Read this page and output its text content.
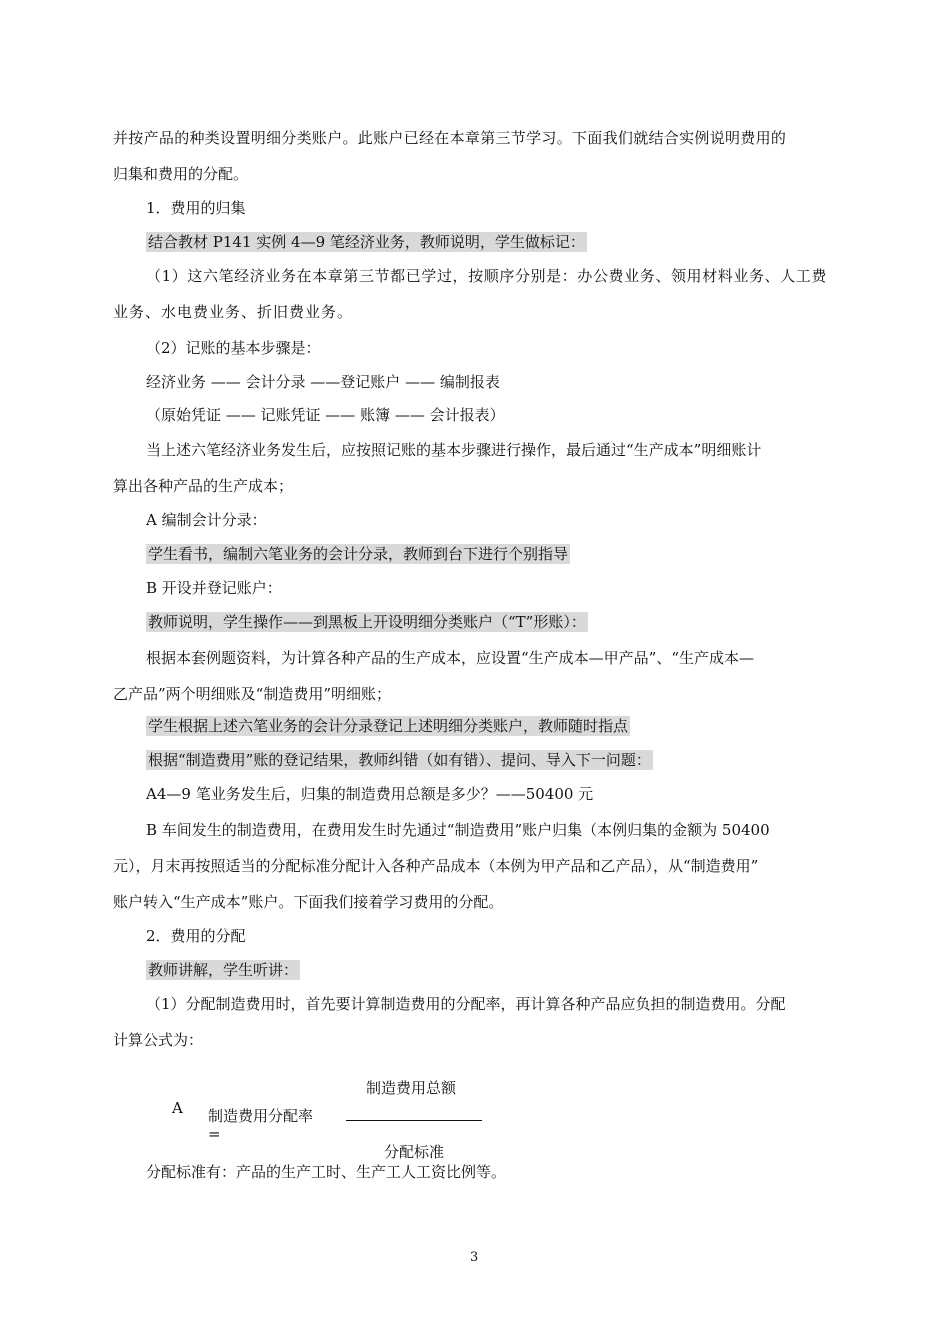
并按产品的种类设置明细分类账户。此账户已经在本章第三节学习。下面我们就结合实例说明费用的
归集和费用的分配。
1．费用的归集
结合教材 P141 实例 4—9 笔经济业务，教师说明，学生做标记：
（1）这六笔经济业务在本章第三节都已学过，按顺序分别是：办公费业务、领用材料业务、人工费
业务、水电费业务、折旧费业务。
（2）记账的基本步骤是：
经济业务 —— 会计分录 ——登记账户 —— 编制报表
（原始凭证 —— 记账凭证 —— 账簿 —— 会计报表）
当上述六笔经济业务发生后，应按照记账的基本步骤进行操作，最后通过“生产成本”明细账计
算出各种产品的生产成本；
A 编制会计分录：
学生看书，编制六笔业务的会计分录，教师到台下进行个别指导
B 开设并登记账户：
教师说明，学生操作——到黑板上开设明细分类账户（“T”形账）：
根据本套例题资料，为计算各种产品的生产成本，应设置“生产成本—甲产品”、“生产成本—
乙产品”两个明细账及“制造费用”明细账；
学生根据上述六笔业务的会计分录登记上述明细分类账户，教师随时指点
根据“制造费用”账的登记结果，教师纠错（如有错）、提问、导入下一问题：
A4—9 笔业务发生后，归集的制造费用总额是多少？——50400 元
B 车间发生的制造费用，在费用发生时先通过“制造费用”账户归集（本例归集的金额为 50400
元），月末再按照适当的分配标准分配计入各种产品成本（本例为甲产品和乙产品），从“制造费用”
账户转入“生产成本”账户。下面我们接着学习费用的分配。
2．费用的分配
教师讲解，学生听讲：
（1）分配制造费用时，首先要计算制造费用的分配率，再计算各种产品应负担的制造费用。分配
计算公式为：
A
制造费用总额
制造费用分配率
=
分配标准
分配标准有：产品的生产工时、生产工人工资比例等。
3
